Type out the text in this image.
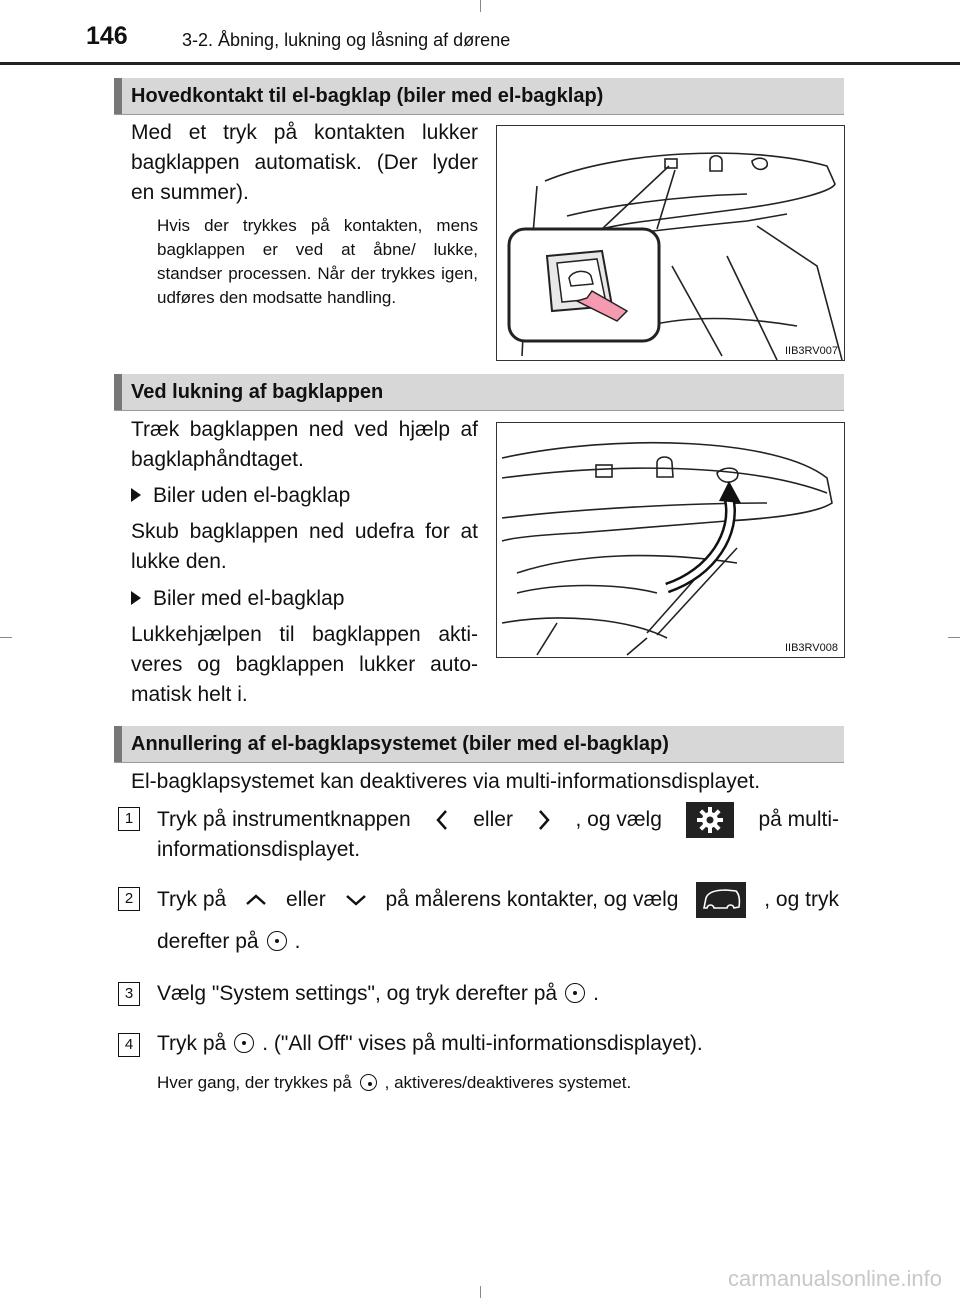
146	3-2. Åbning, lukning og låsning af dørene
Hovedkontakt til el-bagklap (biler med el-bagklap)
Med et tryk på kontakten lukker bagklappen automatisk. (Der lyder en summer).
Hvis der trykkes på kontakten, mens bagklappen er ved at åbne/ lukke, standser processen. Når der trykkes igen, udføres den modsatte handling.
IIB3RV007
Ved lukning af bagklappen
Træk bagklappen ned ved hjælp af bagklaphåndtaget.
Biler uden el-bagklap
Skub bagklappen ned udefra for at lukke den.
Biler med el-bagklap
Lukkehjælpen til bagklappen akti- veres og bagklappen lukker auto- matisk helt i.
IIB3RV008
Annullering af el-bagklapsystemet (biler med el-bagklap)
El-bagklapsystemet kan deaktiveres via multi-informationsdisplayet.
1	Tryk på instrumentknappen	eller	, og vælg	på multi-
informationsdisplayet.
2	Tryk på	eller	på målerens kontakter, og vælg	, og tryk
derefter på .
3	Vælg "System settings", og tryk derefter på .
4	Tryk på . ("All Off" vises på multi-informationsdisplayet).
Hver gang, der trykkes på , aktiveres/deaktiveres systemet.
carmanualsonline.info
